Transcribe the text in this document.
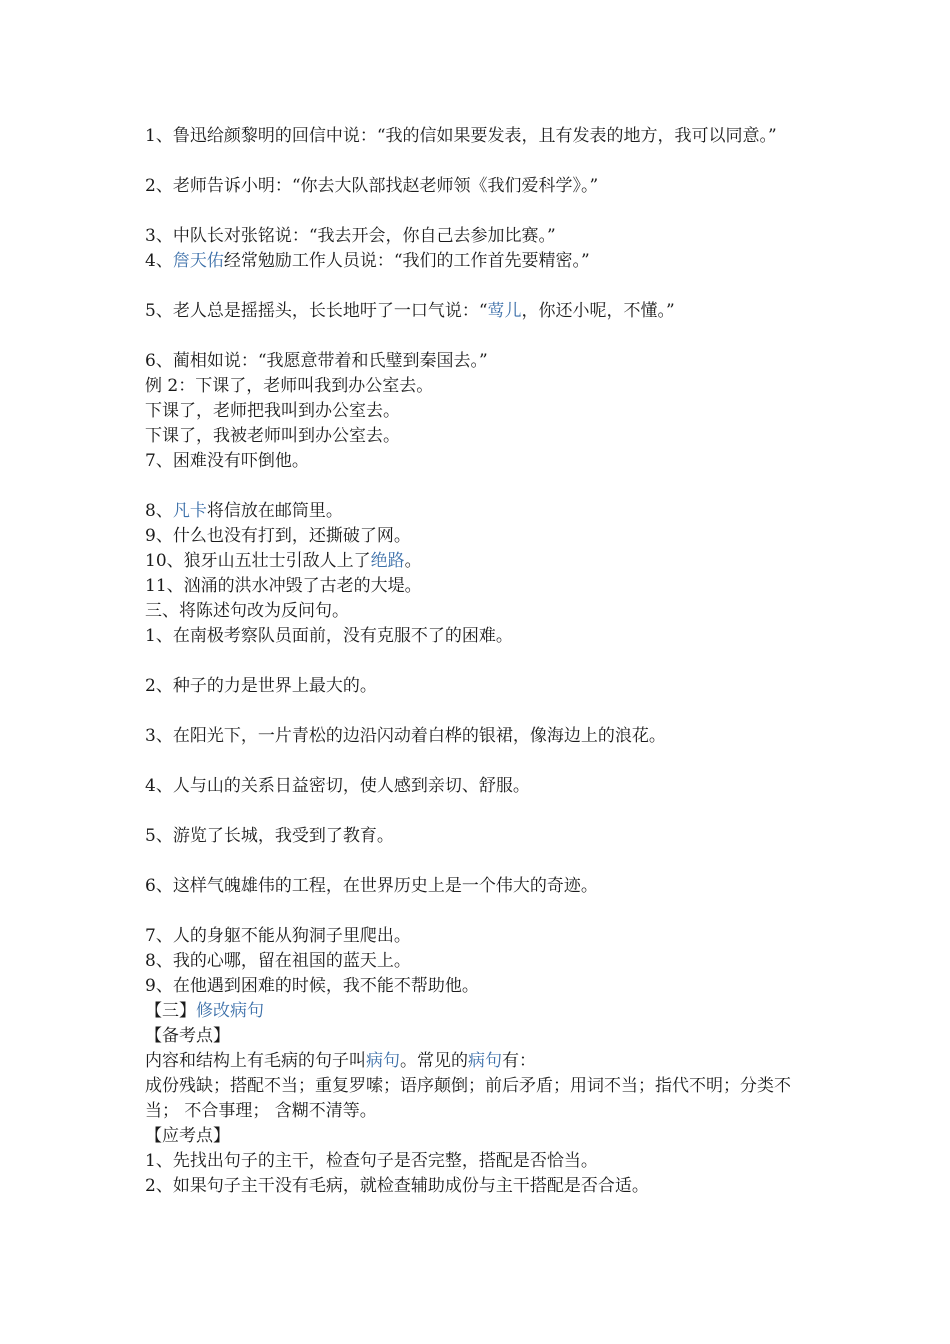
1、鲁迅给颜黎明的回信中说：“我的信如果要发表，且有发表的地方，我可以同意。”

2、老师告诉小明：“你去大队部找赵老师领《我们爱科学》。”

3、中队长对张铭说：“我去开会，你自己去参加比赛。”

4、詹天佑经常勉励工作人员说：“我们的工作首先要精密。”

5、老人总是摇摇头，长长地吁了一口气说：“莺儿，你还小呢，不懂。”

6、蔺相如说：“我愿意带着和氏璧到秦国去。”

例 2：下课了，老师叫我到办公室去。

下课了，老师把我叫到办公室去。

下课了，我被老师叫到办公室去。

7、困难没有吓倒他。

8、凡卡将信放在邮筒里。

9、什么也没有打到，还撕破了网。

10、狼牙山五壮士引敌人上了绝路。

11、汹涌的洪水冲毁了古老的大堤。

三、将陈述句改为反问句。

1、在南极考察队员面前，没有克服不了的困难。

2、种子的力是世界上最大的。

3、在阳光下，一片青松的边沿闪动着白桦的银裙，像海边上的浪花。

4、人与山的关系日益密切，使人感到亲切、舒服。

5、游览了长城，我受到了教育。

6、这样气魄雄伟的工程，在世界历史上是一个伟大的奇迹。

7、人的身躯不能从狗洞子里爬出。

8、我的心哪，留在祖国的蓝天上。

9、在他遇到困难的时候，我不能不帮助他。

【三】修改病句

【备考点】

内容和结构上有毛病的句子叫病句。常见的病句有：

成份残缺；搭配不当；重复罗嗦；语序颠倒；前后矛盾；用词不当；指代不明；分类不当； 不合事理； 含糊不清等。

【应考点】

1、先找出句子的主干，检查句子是否完整，搭配是否恰当。

2、如果句子主干没有毛病，就检查辅助成份与主干搭配是否合适。
